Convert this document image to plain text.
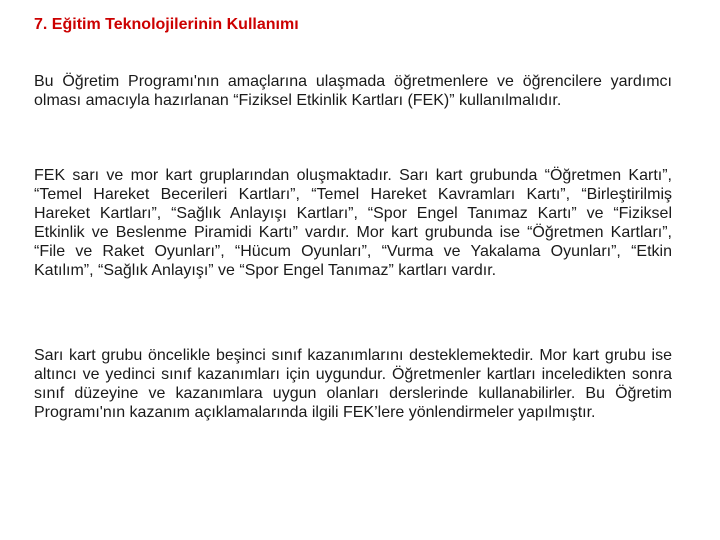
7. Eğitim Teknolojilerinin Kullanımı

Bu Öğretim Programı'nın amaçlarına ulaşmada öğretmenlere ve öğrencilere yardımcı olması amacıyla hazırlanan “Fiziksel Etkinlik Kartları (FEK)” kullanılmalıdır.

FEK sarı ve mor kart gruplarından oluşmaktadır. Sarı kart grubunda “Öğretmen Kartı”, “Temel Hareket Becerileri Kartları”, “Temel Hareket Kavramları Kartı”, “Birleştirilmiş Hareket Kartları”, “Sağlık Anlayışı Kartları”, “Spor Engel Tanımaz Kartı” ve “Fiziksel Etkinlik ve Beslenme Piramidi Kartı” vardır. Mor kart grubunda ise “Öğretmen Kartları”, “File ve Raket Oyunları”, “Hücum Oyunları”, “Vurma ve Yakalama Oyunları”, “Etkin Katılım”, “Sağlık Anlayışı” ve “Spor Engel Tanımaz” kartları vardır.

Sarı kart grubu öncelikle beşinci sınıf kazanımlarını desteklemektedir. Mor kart grubu ise altıncı ve yedinci sınıf kazanımları için uygundur. Öğretmenler kartları inceledikten sonra sınıf düzeyine ve kazanımlara uygun olanları derslerinde kullanabilirler. Bu Öğretim Programı'nın kazanım açıklamalarında ilgili FEK’lere yönlendirmeler yapılmıştır.
